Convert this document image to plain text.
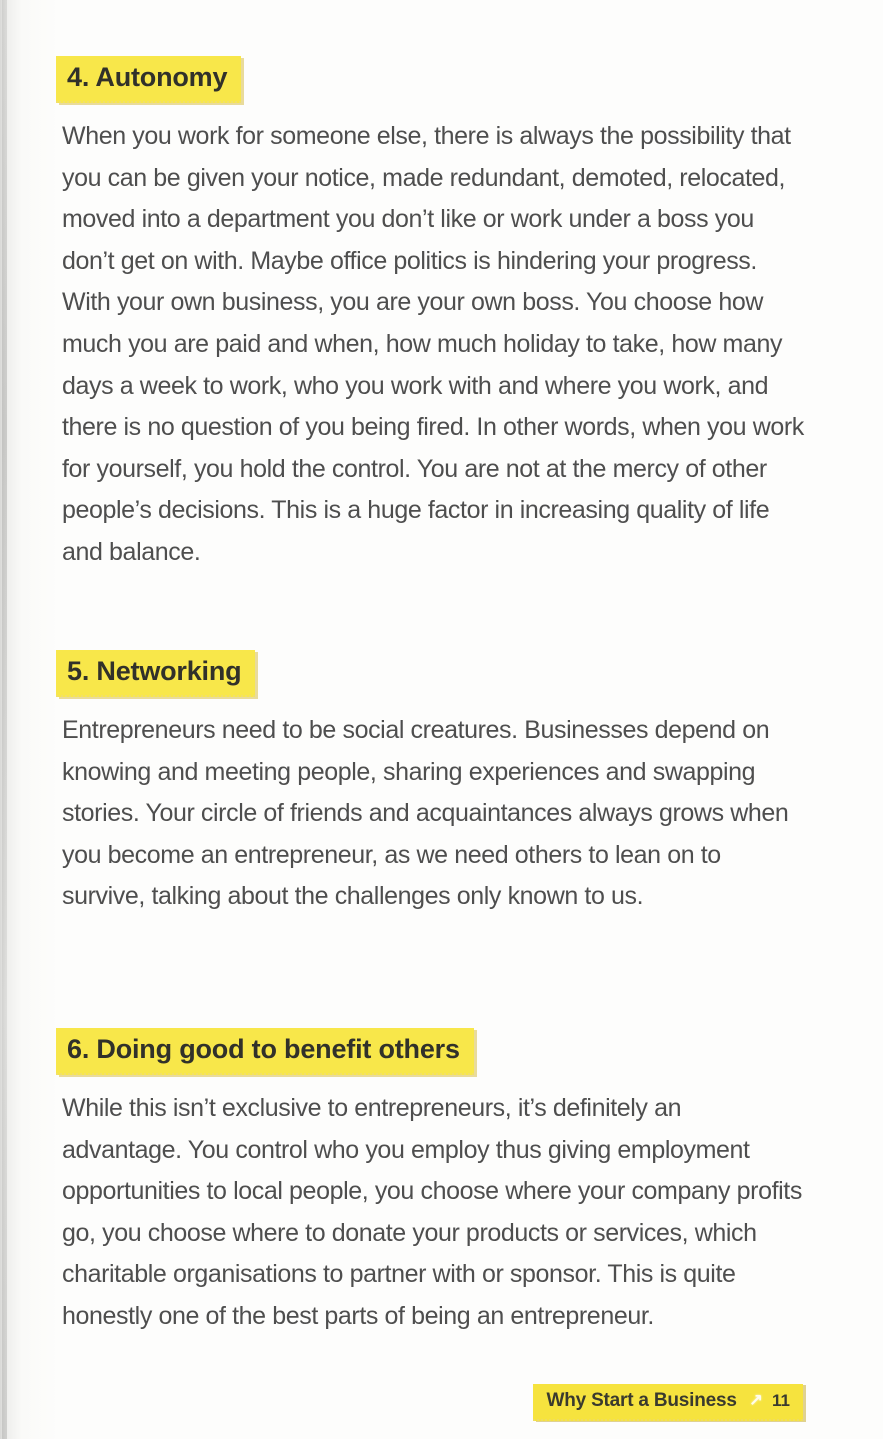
4. Autonomy

When you work for someone else, there is always the possibility that you can be given your notice, made redundant, demoted, relocated, moved into a department you don’t like or work under a boss you don’t get on with. Maybe office politics is hindering your progress. With your own business, you are your own boss. You choose how much you are paid and when, how much holiday to take, how many days a week to work, who you work with and where you work, and there is no question of you being fired. In other words, when you work for yourself, you hold the control. You are not at the mercy of other people’s decisions. This is a huge factor in increasing quality of life and balance.

5. Networking

Entrepreneurs need to be social creatures. Businesses depend on knowing and meeting people, sharing experiences and swapping stories. Your circle of friends and acquaintances always grows when you become an entrepreneur, as we need others to lean on to survive, talking about the challenges only known to us.

6. Doing good to benefit others

While this isn’t exclusive to entrepreneurs, it’s definitely an advantage. You control who you employ thus giving employment opportunities to local people, you choose where your company profits go, you choose where to donate your products or services, which charitable organisations to partner with or sponsor. This is quite honestly one of the best parts of being an entrepreneur.

Why Start a Business ↗ 11
